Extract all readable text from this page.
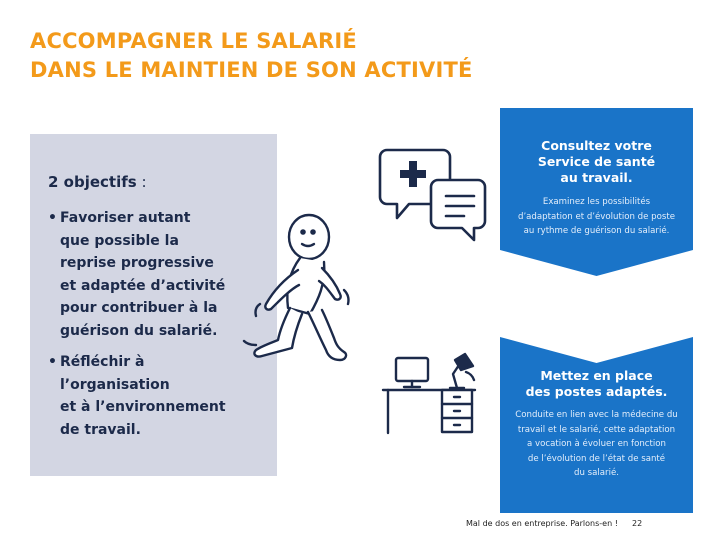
ACCOMPAGNER LE SALARIÉ
DANS LE MAINTIEN DE SON ACTIVITÉ
2 objectifs :
• Favoriser autant
que possible la
reprise progressive
et adaptée d’activité
pour contribuer à la
guérison du salarié.
• Réfléchir à
l’organisation
et à l’environnement
de travail.
Consultez votre
Service de santé
au travail.
Examinez les possibilités
d’adaptation et d’évolution de poste
au rythme de guérison du salarié.
Mettez en place
des postes adaptés.
Conduite en lien avec la médecine du
travail et le salarié, cette adaptation
a vocation à évoluer en fonction
de l’évolution de l’état de santé
du salarié.
Mal de dos en entreprise. Parlons-en ! 22
